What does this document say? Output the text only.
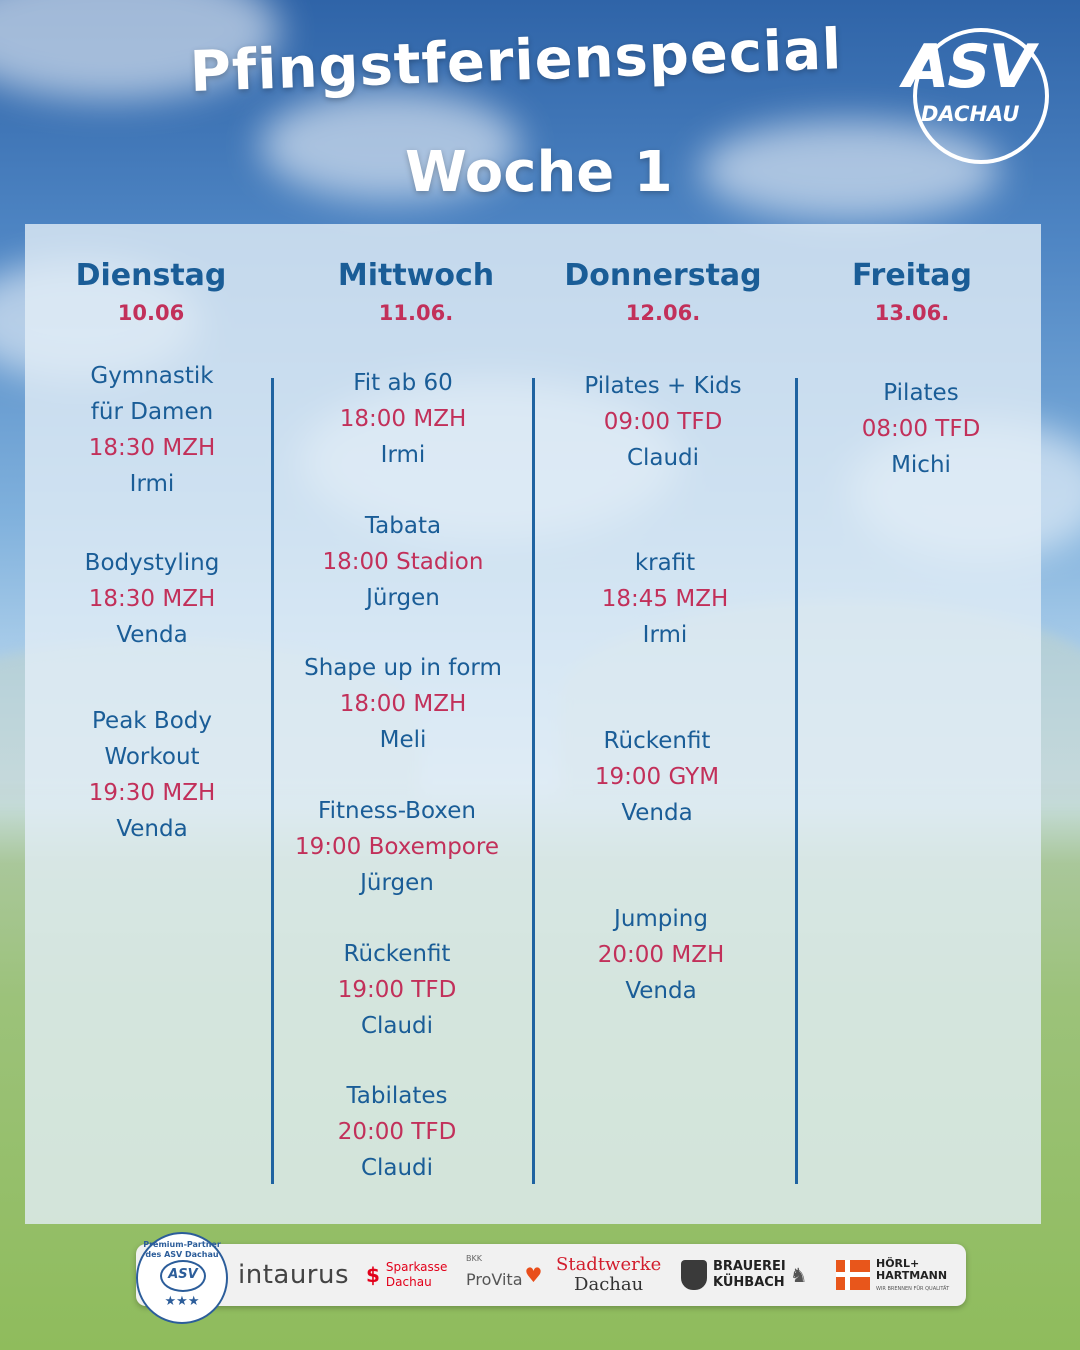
Pfingstferienspecial
Woche 1
ASV
DACHAU
Dienstag
10.06
Mittwoch
11.06.
Donnerstag
12.06.
Freitag
13.06.
Gymnastik
für Damen
18:30 MZH
Irmi
Bodystyling
18:30 MZH
Venda
Peak Body
Workout
19:30 MZH
Venda
Fit ab 60
18:00 MZH
Irmi
Tabata
18:00 Stadion
Jürgen
Shape up in form
18:00 MZH
Meli
Fitness-Boxen
19:00 Boxempore
Jürgen
Rückenfit
19:00 TFD
Claudi
Tabilates
20:00 TFD
Claudi
Pilates + Kids
09:00 TFD
Claudi
krafit
18:45 MZH
Irmi
Rückenfit
19:00 GYM
Venda
Jumping
20:00 MZH
Venda
Pilates
08:00 TFD
Michi
Premium-Partner des ASV Dachau
ASV
★★★
intaurus $ Sparkasse
Dachau
BKK
ProVita ♥ Stadtwerke
Dachau
BRAUEREI
KÜHBACH ♞	HÖRL+
HARTMANN
WIR BRENNEN FÜR QUALITÄT
